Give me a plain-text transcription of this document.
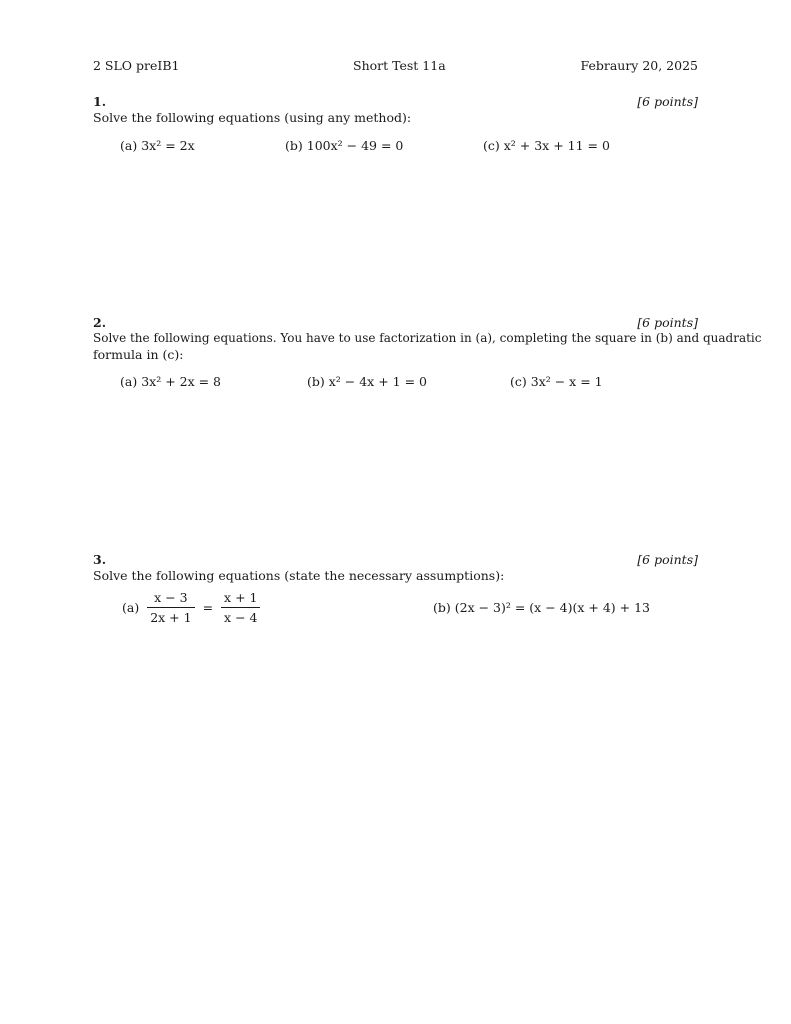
2 SLO preIB1	Short Test 11a	Febraury 20, 2025
1.	[6 points]
Solve the following equations (using any method):
(a) 3x² = 2x	(b) 100x² − 49 = 0	(c) x² + 3x + 11 = 0
2.	[6 points]
Solve the following equations. You have to use factorization in (a), completing the square in (b) and quadratic
formula in (c):
(a) 3x² + 2x = 8	(b) x² − 4x + 1 = 0	(c) 3x² − x = 1
3.	[6 points]
Solve the following equations (state the necessary assumptions):
$(a) \frac{x - 3}{2x + 1} = \frac{x + 1}{x - 4}$	(b) (2x − 3)² = (x − 4)(x + 4) + 13
